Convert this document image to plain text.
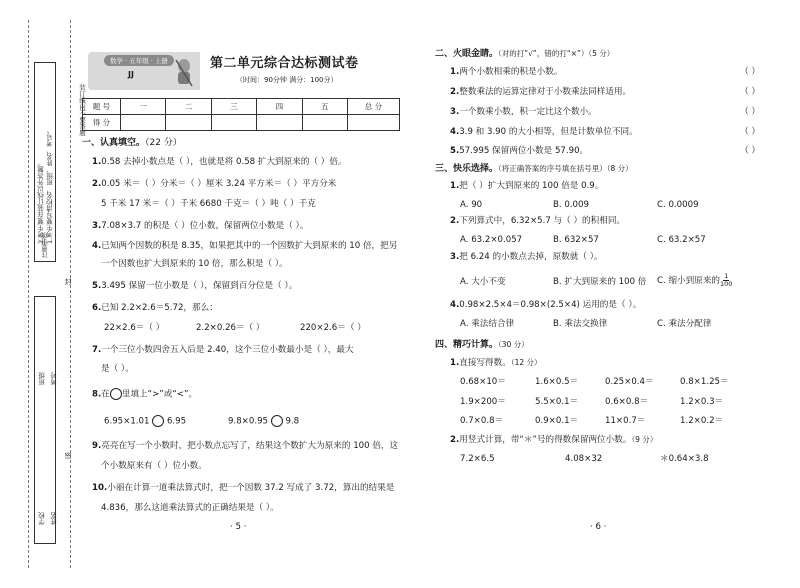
1.考生要写清校名、班级、姓名、考号。
2.考生要在装订线以外答题。
注意事项
装订线内不要答题
封
密
班级 考号
学校 姓名
数学 · 五年级 · 上册
JJ
第二单元综合达标测试卷
（时间：90分钟 满分：100分）
题 号	一	二	三	四	五	总 分
得 分						
一、认真填空。（22 分）
1.0.58 去掉小数点是（ ），也就是将 0.58 扩大到原来的（ ）倍。
2.0.05 米＝（ ）分米＝（ ）厘米 3.24 平方米＝（ ）平方分米
5 千米 17 米＝（ ）千米 6680 千克＝（ ）吨（ ）千克
3.7.08×3.7 的积是（ ）位小数，保留两位小数是（ ）。
4.已知两个因数的积是 8.35，如果把其中的一个因数扩大到原来的 10 倍，把另
一个因数也扩大到原来的 10 倍，那么积是（ ）。
5.3.495 保留一位小数是（ ），保留到百分位是（ ）。
6.已知 2.2×2.6＝5.72，那么：
22×2.6＝（ ）	2.2×0.26＝（ ）	220×2.6＝（ ）
7.一个三位小数四舍五入后是 2.40，这个三位小数最小是（ ），最大
是（ ）。
8.在 里填上“>”或“<”。
6.95×1.01 6.95	9.8×0.95 9.8
9.亮亮在写一个小数时，把小数点忘写了，结果这个数扩大为原来的 100 倍，这
个小数原来有（ ）位小数。
10.小丽在计算一道乘法算式时，把一个因数 37.2 写成了 3.72，算出的结果是
4.836，那么这道乘法算式的正确结果是（ ）。
· 5 ·
二、火眼金睛。（对的打“√”，错的打“×”）（5 分）
1.两个小数相乘的积是小数。	（ ）
2.整数乘法的运算定律对于小数乘法同样适用。	（ ）
3.一个数乘小数，积一定比这个数小。	（ ）
4.3.9 和 3.90 的大小相等，但是计数单位不同。	（ ）
5.57.995 保留两位小数是 57.90。	（ ）
三、快乐选择。（将正确答案的序号填在括号里）（8 分）
1.把（ ）扩大到原来的 100 倍是 0.9。
A. 90	B. 0.009	C. 0.0009
2.下列算式中，6.32×5.7 与（ ）的积相同。
A. 63.2×0.057	B. 632×57	C. 63.2×57
3.把 6.24 的小数点去掉，原数就（ ）。
A. 大小不变	B. 扩大到原来的 100 倍 C. 缩小到原来的 $\frac{1}{100}$
4.0.98×2.5×4＝0.98×(2.5×4) 运用的是（ ）。
A. 乘法结合律	B. 乘法交换律	C. 乘法分配律
四、精巧计算。（30 分）
1.直接写得数。（12 分）
0.68×10＝	1.6×0.5＝	0.25×0.4＝	0.8×1.25＝
1.9×200＝	5.5×0.1＝	0.6×0.8＝	1.2×0.3＝
0.7×0.8＝	0.9×0.1＝	11×0.7＝	1.2×0.2＝
2.用竖式计算，带“＊”号的得数保留两位小数。（9 分）
7.2×6.5	4.08×32	＊0.64×3.8
· 6 ·
